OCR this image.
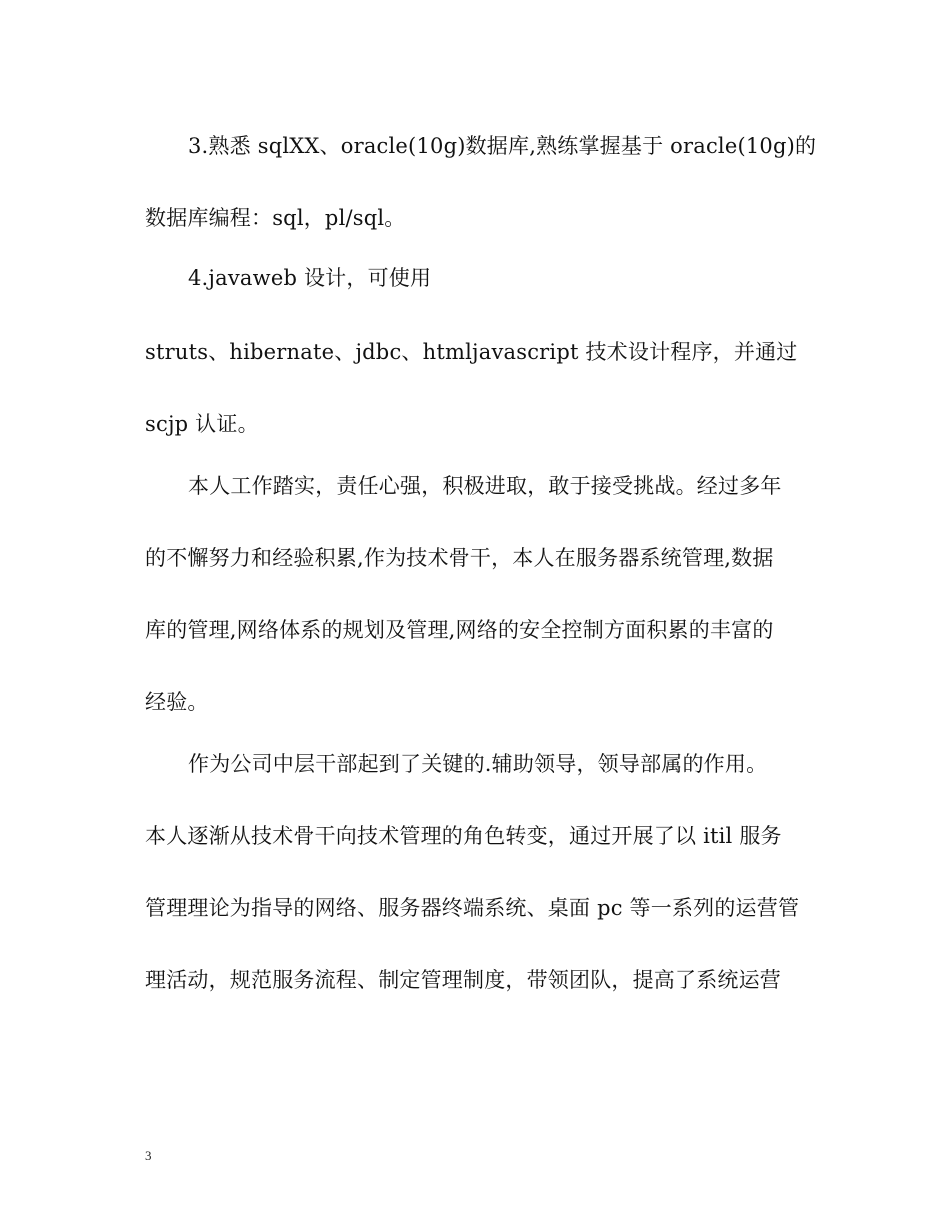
3.熟悉 sqlXX、oracle(10g)数据库,熟练掌握基于 oracle(10g)的
数据库编程：sql，pl/sql。
4.javaweb 设计，可使用
struts、hibernate、jdbc、htmljavascript 技术设计程序，并通过
scjp 认证。
本人工作踏实，责任心强，积极进取，敢于接受挑战。经过多年
的不懈努力和经验积累,作为技术骨干，本人在服务器系统管理,数据
库的管理,网络体系的规划及管理,网络的安全控制方面积累的丰富的
经验。
作为公司中层干部起到了关键的.辅助领导，领导部属的作用。
本人逐渐从技术骨干向技术管理的角色转变，通过开展了以 itil 服务
管理理论为指导的网络、服务器终端系统、桌面 pc 等一系列的运营管
理活动，规范服务流程、制定管理制度，带领团队，提高了系统运营
3
